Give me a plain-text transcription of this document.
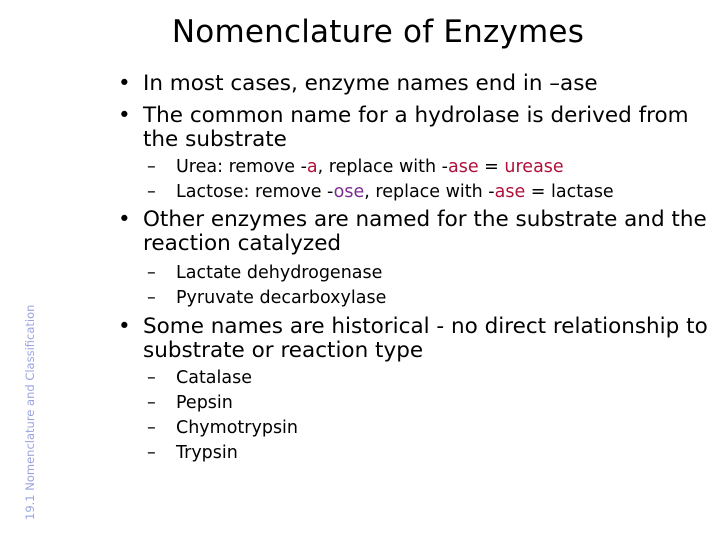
Nomenclature of Enzymes
19.1 Nomenclature and Classification
• In most cases, enzyme names end in –ase
• The common name for a hydrolase is derived from the substrate
– Urea: remove -a, replace with -ase = urease
– Lactose: remove -ose, replace with -ase = lactase
• Other enzymes are named for the substrate and the reaction catalyzed
– Lactate dehydrogenase
– Pyruvate decarboxylase
• Some names are historical - no direct relationship to substrate or reaction type
– Catalase
– Pepsin
– Chymotrypsin
– Trypsin
